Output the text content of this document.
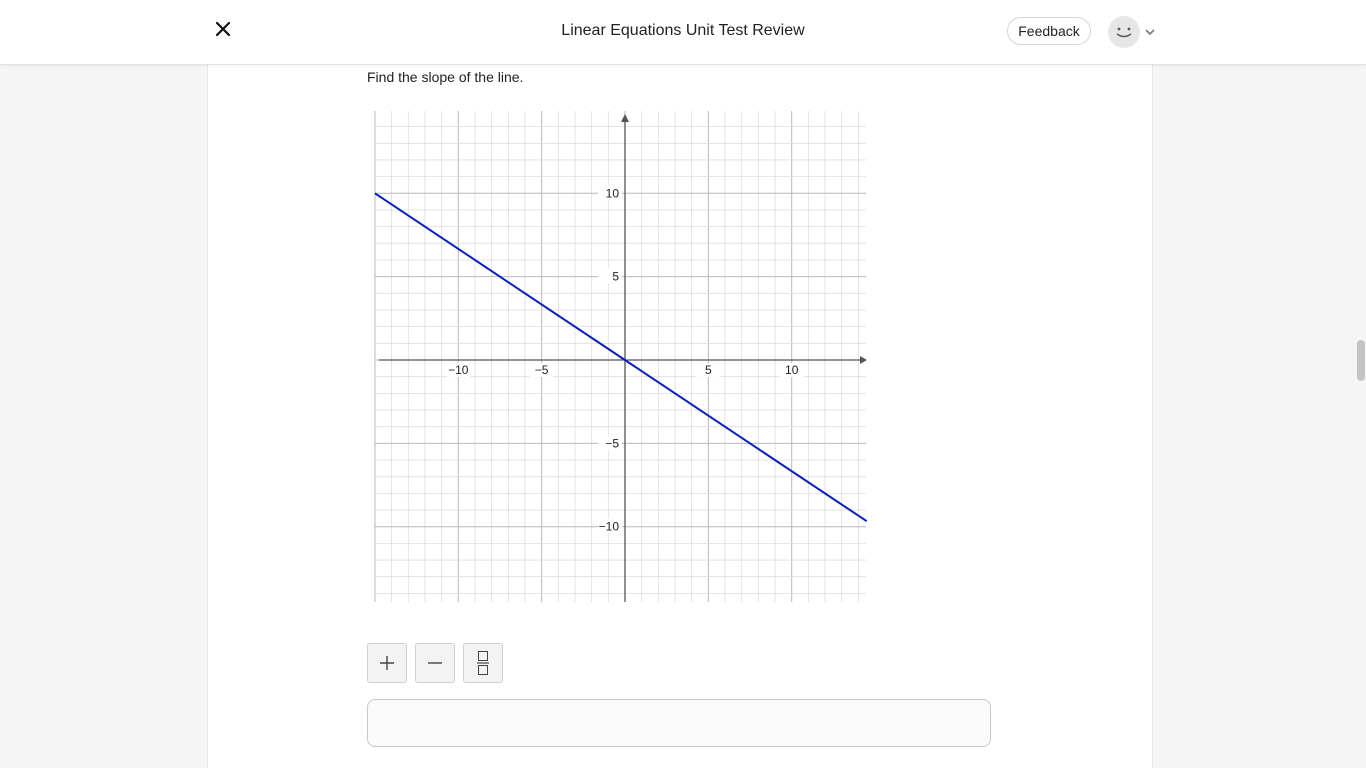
Linear Equations Unit Test Review	Feedback
Find the slope of the line.
−10	−5	5	10
10
5
−5
−10
